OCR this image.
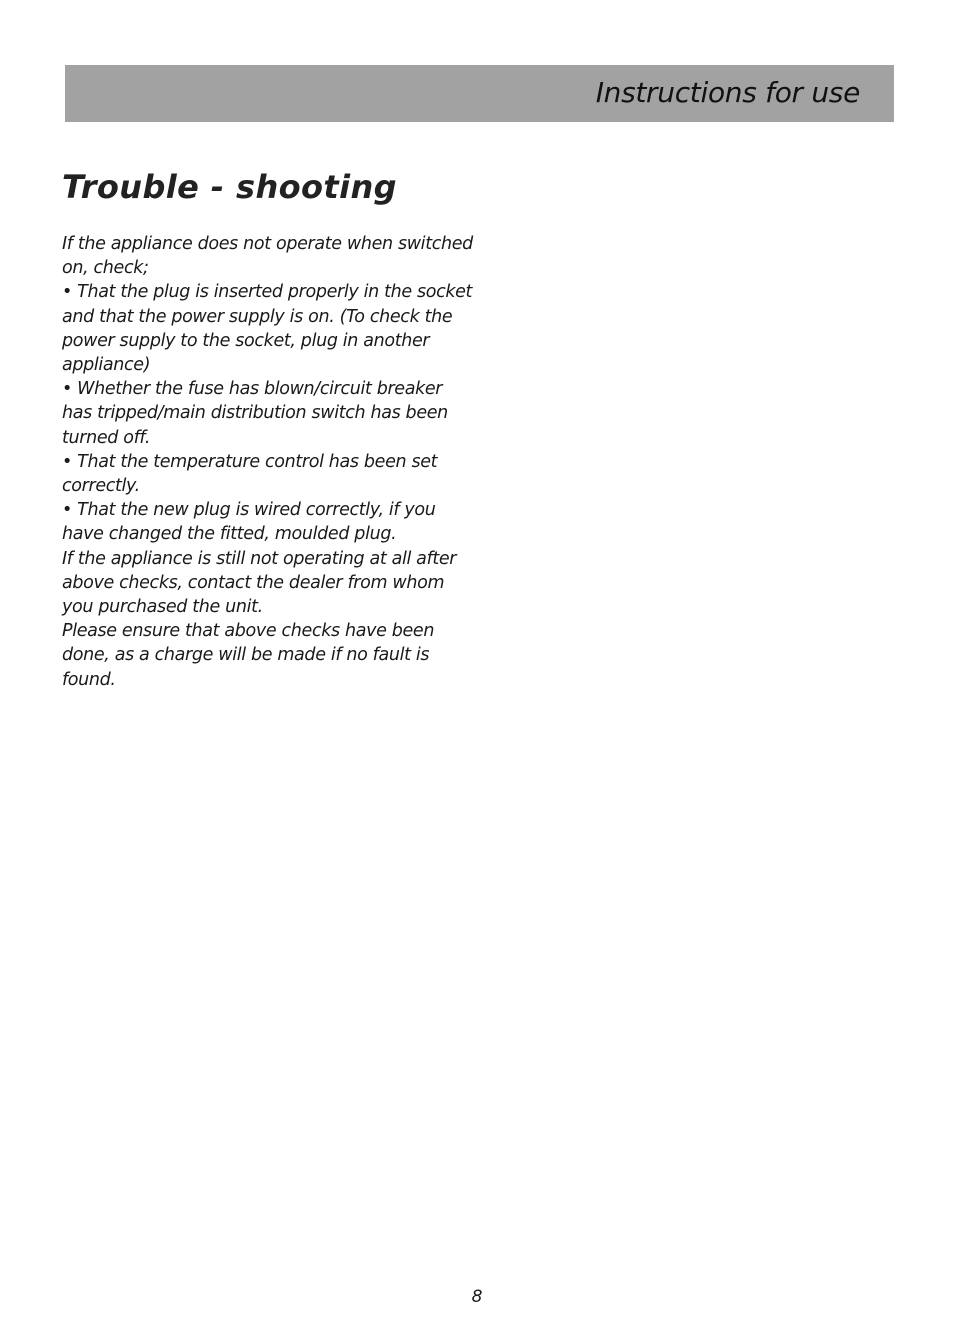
Instructions for use
Trouble - shooting
If the appliance does not operate when switched
on, check;
• That the plug is inserted properly in the socket
and that the power supply is on. (To check the
power supply to the socket, plug in another
appliance)
• Whether the fuse has blown/circuit breaker
has tripped/main distribution switch has been
turned off.
• That the temperature control has been set
correctly.
• That the new plug is wired correctly, if you
have changed the fitted, moulded plug.
If the appliance is still not operating at all after
above checks, contact the dealer from whom
you purchased the unit.
Please ensure that above checks have been
done, as a charge will be made if no fault is
found.
8
